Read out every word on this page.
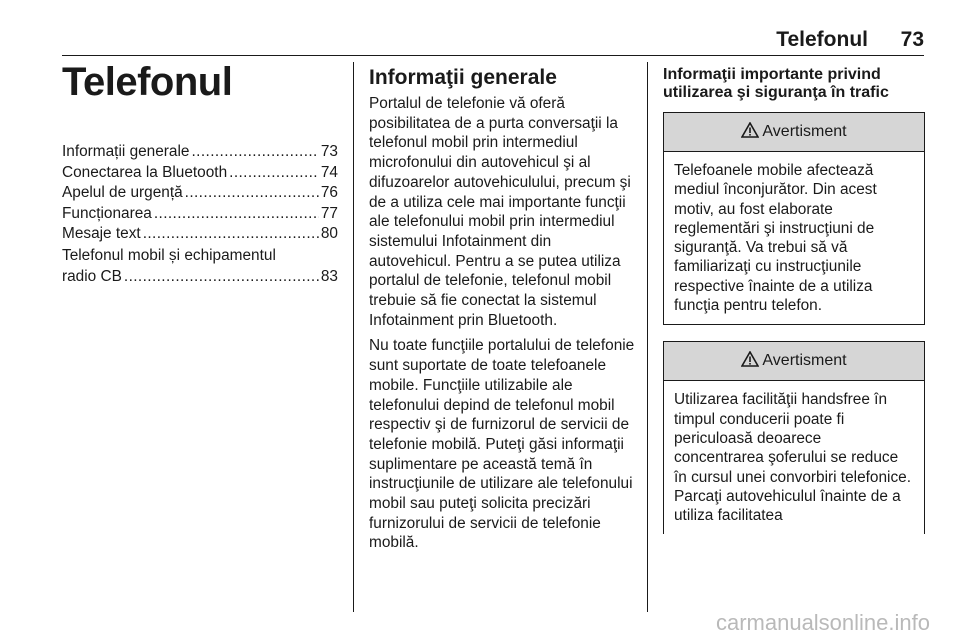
Telefonul 73
Telefonul
Informații generale .....	73
Conectarea la Bluetooth .....	74
Apelul de urgență .....	76
Funcționarea .....	77
Mesaje text .....	80
Telefonul mobil și echipamentul
radio CB .....	83
Informaţii generale

Portalul de telefonie vă oferă posibilitatea de a purta conversaţii la telefonul mobil prin intermediul microfonului din autovehicul şi al difuzoarelor autovehiculului, precum şi de a utiliza cele mai importante funcţii ale telefonului mobil prin intermediul sistemului Infotainment din autovehicul. Pentru a se putea utiliza portalul de telefonie, telefonul mobil trebuie să fie conectat la sistemul Infotainment prin Bluetooth.

Nu toate funcţiile portalului de telefonie sunt suportate de toate telefoanele mobile. Funcţiile utilizabile ale telefonului depind de telefonul mobil respectiv şi de furnizorul de servicii de telefonie mobilă. Puteţi găsi informaţii suplimentare pe această temă în instrucţiunile de utilizare ale telefonului mobil sau puteţi solicita precizări furnizorului de servicii de telefonie mobilă.

Informaţii importante privind utilizarea şi siguranţa în trafic
Avertisment
Telefoanele mobile afectează mediul înconjurător. Din acest motiv, au fost elaborate reglementări şi instrucţiuni de siguranţă. Va trebui să vă familiarizaţi cu instrucţiunile respective înainte de a utiliza funcţia pentru telefon.
Avertisment
Utilizarea facilităţii handsfree în timpul conducerii poate fi periculoasă deoarece concentrarea şoferului se reduce în cursul unei convorbiri telefonice. Parcaţi autovehiculul înainte de a utiliza facilitatea
carmanualsonline.info
